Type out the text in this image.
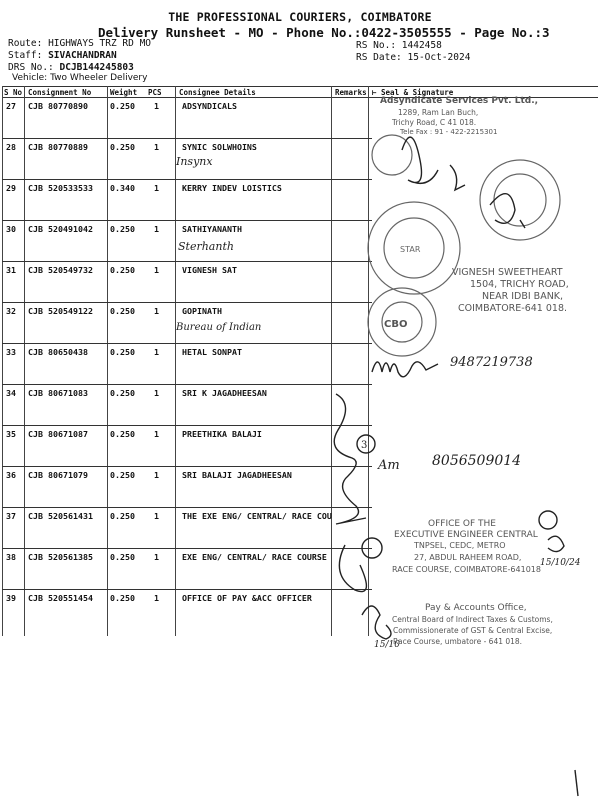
THE PROFESSIONAL COURIERS, COIMBATORE
Delivery Runsheet - MO - Phone No.:0422-3505555 - Page No.:3
Route: HIGHWAYS TRZ RD MO
Staff: SIVACHANDRAN
DRS No.: DCJB144245803
Vehicle: Two Wheeler Delivery
RS No.: 1442458
RS Date: 15-Oct-2024
S No Consignment No	Weight PCS Consignee Details	Remarks ⊢ Seal & Signature
27 CJB 80770890	0.250 1	ADSYNDICALS
28 CJB 80770889	0.250 1	SYNIC SOLWHOINS
29 CJB 520533533 0.340 1	KERRY INDEV LOISTICS
30 CJB 520491042 0.250 1	SATHIYANANTH
31 CJB 520549732 0.250 1	VIGNESH SAT
32 CJB 520549122 0.250 1	GOPINATH
33 CJB 80650438	0.250 1	HETAL SONPAT
34 CJB 80671083	0.250 1	SRI K JAGADHEESAN
35 CJB 80671087	0.250 1	PREETHIKA BALAJI
36 CJB 80671079	0.250 1	SRI BALAJI JAGADHEESAN
37 CJB 520561431 0.250 1	THE EXE ENG/ CENTRAL/ RACE COU
38 CJB 520561385 0.250 1	EXE ENG/ CENTRAL/ RACE COURSE
39 CJB 520551454 0.250 1	OFFICE OF PAY &ACC OFFICER
Insynx
Sterhanth
Bureau of Indian
9487219738
Am 8056509014
15/10/24
15/10
Adsyndicate Services Pvt. Ltd.,
1289, Ram Lan Buch,
Trichy Road, C 41 018.
Tele Fax : 91 - 422-2215301
VIGNESH SWEETHEART
1504, TRICHY ROAD,
NEAR IDBI BANK,
COIMBATORE-641 018.
CBO
OFFICE OF THE
EXECUTIVE ENGINEER CENTRAL
TNPSEL, CEDC, METRO
27, ABDUL RAHEEM ROAD,
RACE COURSE, COIMBATORE-641018
Pay & Accounts Office,
Central Board of Indirect Taxes & Customs,
Commissionerate of GST & Central Excise,
Race Course, umbatore - 641 018.
STAR
3
